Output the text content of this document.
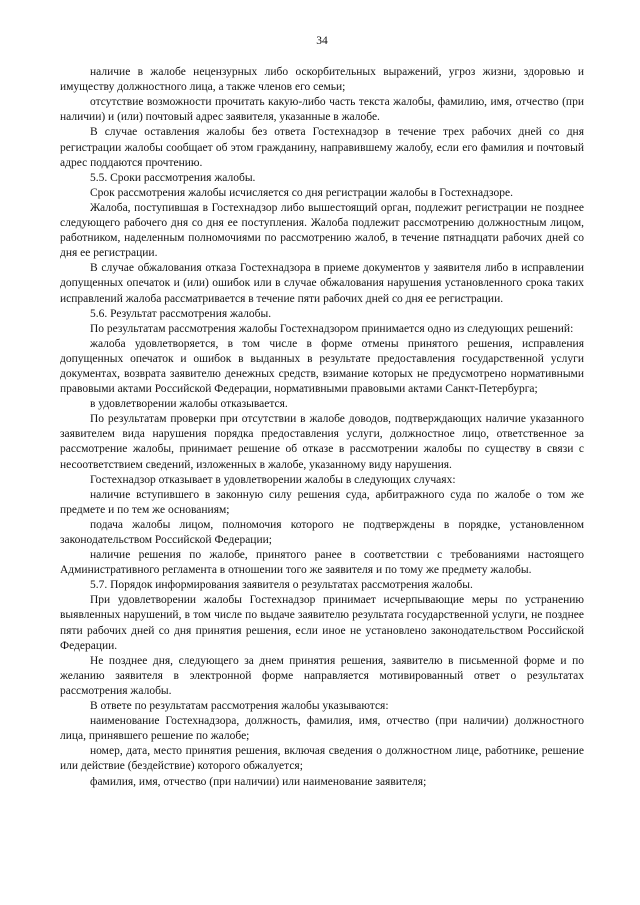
34

наличие в жалобе нецензурных либо оскорбительных выражений, угроз жизни, здоровью и имуществу должностного лица, а также членов его семьи;

отсутствие возможности прочитать какую-либо часть текста жалобы, фамилию, имя, отчество (при наличии) и (или) почтовый адрес заявителя, указанные в жалобе.

В случае оставления жалобы без ответа Гостехнадзор в течение трех рабочих дней со дня регистрации жалобы сообщает об этом гражданину, направившему жалобу, если его фамилия и почтовый адрес поддаются прочтению.

5.5. Сроки рассмотрения жалобы.

Срок рассмотрения жалобы исчисляется со дня регистрации жалобы в Гостехнадзоре.

Жалоба, поступившая в Гостехнадзор либо вышестоящий орган, подлежит регистрации не позднее следующего рабочего дня со дня ее поступления. Жалоба подлежит рассмотрению должностным лицом, работником, наделенным полномочиями по рассмотрению жалоб, в течение пятнадцати рабочих дней со дня ее регистрации.

В случае обжалования отказа Гостехнадзора в приеме документов у заявителя либо в исправлении допущенных опечаток и (или) ошибок или в случае обжалования нарушения установленного срока таких исправлений жалоба рассматривается в течение пяти рабочих дней со дня ее регистрации.

5.6. Результат рассмотрения жалобы.

По результатам рассмотрения жалобы Гостехнадзором принимается одно из следующих решений:

жалоба удовлетворяется, в том числе в форме отмены принятого решения, исправления допущенных опечаток и ошибок в выданных в результате предоставления государственной услуги документах, возврата заявителю денежных средств, взимание которых не предусмотрено нормативными правовыми актами Российской Федерации, нормативными правовыми актами Санкт-Петербурга;

в удовлетворении жалобы отказывается.

По результатам проверки при отсутствии в жалобе доводов, подтверждающих наличие указанного заявителем вида нарушения порядка предоставления услуги, должностное лицо, ответственное за рассмотрение жалобы, принимает решение об отказе в рассмотрении жалобы по существу в связи с несоответствием сведений, изложенных в жалобе, указанному виду нарушения.

Гостехнадзор отказывает в удовлетворении жалобы в следующих случаях:

наличие вступившего в законную силу решения суда, арбитражного суда по жалобе о том же предмете и по тем же основаниям;

подача жалобы лицом, полномочия которого не подтверждены в порядке, установленном законодательством Российской Федерации;

наличие решения по жалобе, принятого ранее в соответствии с требованиями настоящего Административного регламента в отношении того же заявителя и по тому же предмету жалобы.

5.7. Порядок информирования заявителя о результатах рассмотрения жалобы.

При удовлетворении жалобы Гостехнадзор принимает исчерпывающие меры по устранению выявленных нарушений, в том числе по выдаче заявителю результата государственной услуги, не позднее пяти рабочих дней со дня принятия решения, если иное не установлено законодательством Российской Федерации.

Не позднее дня, следующего за днем принятия решения, заявителю в письменной форме и по желанию заявителя в электронной форме направляется мотивированный ответ о результатах рассмотрения жалобы.

В ответе по результатам рассмотрения жалобы указываются:

наименование Гостехнадзора, должность, фамилия, имя, отчество (при наличии) должностного лица, принявшего решение по жалобе;

номер, дата, место принятия решения, включая сведения о должностном лице, работнике, решение или действие (бездействие) которого обжалуется;

фамилия, имя, отчество (при наличии) или наименование заявителя;
